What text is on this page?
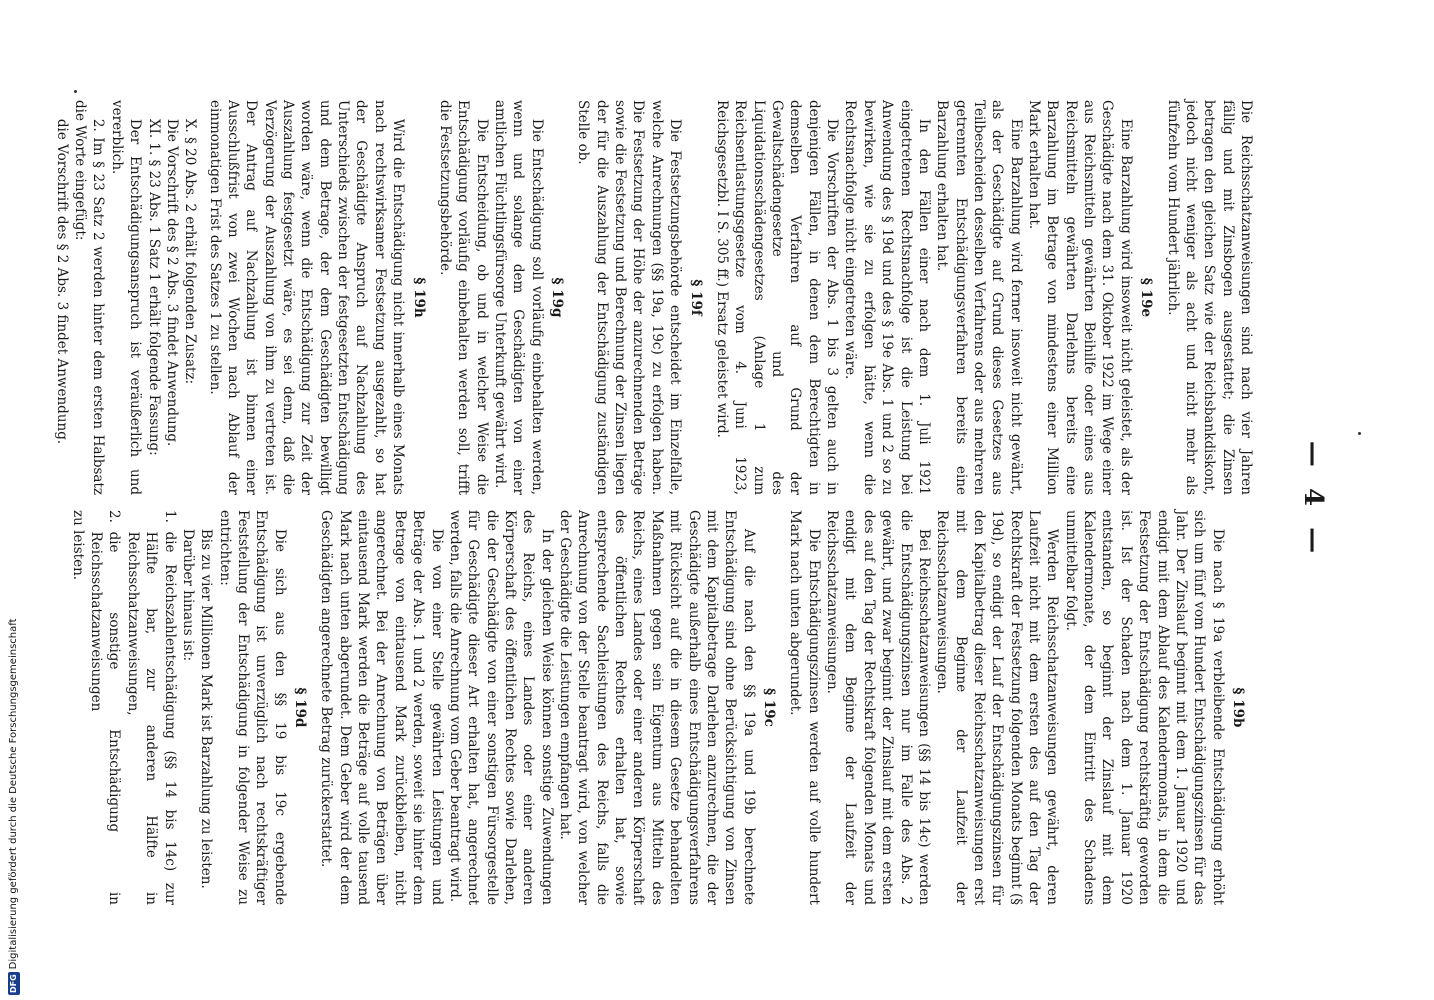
— 4 —

Die Reichsschatzanweisungen sind nach vier Jahren fällig und mit Zinsbogen ausgestattet; die Zinsen betragen den gleichen Satz wie der Reichsbankdiskont, jedoch nicht weniger als acht und nicht mehr als fünfzehn vom Hundert jährlich.

§ 19e

Eine Barzahlung wird insoweit nicht geleistet, als der Geschädigte nach dem 31. Oktober 1922 im Wege einer aus Reichsmitteln gewährten Beihilfe oder eines aus Reichsmitteln gewährten Darlehns bereits eine Barzahlung im Betrage von mindestens einer Million Mark erhalten hat.

Eine Barzahlung wird ferner insoweit nicht gewährt, als der Geschädigte auf Grund dieses Gesetzes aus Teilbescheiden desselben Verfahrens oder aus mehreren getrennten Entschädigungsverfahren bereits eine Barzahlung erhalten hat.

In den Fällen einer nach dem 1. Juli 1921 eingetretenen Rechtsnachfolge ist die Leistung bei Anwendung des § 19d und des § 19e Abs. 1 und 2 so zu bewirken, wie sie zu erfolgen hätte, wenn die Rechtsnachfolge nicht eingetreten wäre.

Die Vorschriften der Abs. 1 bis 3 gelten auch in denjenigen Fällen, in denen dem Berechtigten in demselben Verfahren auf Grund der Gewaltschädengesetze und des Liquidationsschädengesetzes (Anlage 1 zum Reichsentlastungsgesetze vom 4. Juni 1923, Reichsgesetzbl. I S. 305 ff.) Ersatz geleistet wird.

§ 19f

Die Festsetzungsbehörde entscheidet im Einzelfalle, welche Anrechnungen (§§ 19a, 19c) zu erfolgen haben. Die Festsetzung der Höhe der anzurechnenden Beträge sowie die Festsetzung und Berechnung der Zinsen liegen der für die Auszahlung der Entschädigung zuständigen Stelle ob.

§ 19g

Die Entschädigung soll vorläufig einbehalten werden, wenn und solange dem Geschädigten von einer amtlichen Flüchtlingsfürsorge Unterkunft gewährt wird.

Die Entscheidung, ob und in welcher Weise die Entschädigung vorläufig einbehalten werden soll, trifft die Festsetzungsbehörde.

§ 19h

Wird die Entschädigung nicht innerhalb eines Monats nach rechtswirksamer Festsetzung ausgezahlt, so hat der Geschädigte Anspruch auf Nachzahlung des Unterschieds zwischen der festgesetzten Entschädigung und dem Betrage, der dem Geschädigten bewilligt worden wäre, wenn die Entschädigung zur Zeit der Auszahlung festgesetzt wäre, es sei denn, daß die Verzögerung der Auszahlung von ihm zu vertreten ist. Der Antrag auf Nachzahlung ist binnen einer Ausschlußfrist von zwei Wochen nach Ablauf der einmonatigen Frist des Satzes 1 zu stellen.

X. § 20 Abs. 2 erhält folgenden Zusatz:

Die Vorschrift des § 2 Abs. 3 findet Anwendung.

XI. 1. § 23 Abs. 1 Satz 1 erhält folgende Fassung:

Der Entschädigungsanspruch ist veräußerlich und vererblich.

2. Im § 23 Satz 2 werden hinter dem ersten Halbsatz die Worte eingefügt:

die Vorschrift des § 2 Abs. 3 findet Anwendung.

§ 19b

Die nach § 19a verbleibende Entschädigung erhöht sich um fünf vom Hundert Entschädigungszinsen für das Jahr. Der Zinslauf beginnt mit dem 1. Januar 1920 und endigt mit dem Ablauf des Kalendermonats, in dem die Festsetzung der Entschädigung rechtskräftig geworden ist. Ist der Schaden nach dem 1. Januar 1920 entstanden, so beginnt der Zinslauf mit dem Kalendermonate, der dem Eintritt des Schadens unmittelbar folgt.

Werden Reichsschatzanweisungen gewährt, deren Laufzeit nicht mit dem ersten des auf den Tag der Rechtskraft der Festsetzung folgenden Monats beginnt (§ 19d), so endigt der Lauf der Entschädigungszinsen für den Kapitalbetrag dieser Reichsschatzanweisungen erst mit dem Beginne der Laufzeit der Reichsschatzanweisungen.

Bei Reichsschatzanweisungen (§§ 14 bis 14c) werden die Entschädigungszinsen nur im Falle des Abs. 2 gewährt, und zwar beginnt der Zinslauf mit dem ersten des auf den Tag der Rechtskraft folgenden Monats und endigt mit dem Beginne der Laufzeit der Reichsschatzanweisungen.

Die Entschädigungszinsen werden auf volle hundert Mark nach unten abgerundet.

§ 19c

Auf die nach den §§ 19a und 19b berechnete Entschädigung sind ohne Berücksichtigung von Zinsen mit dem Kapitalbetrage Darlehen anzurechnen, die der Geschädigte außerhalb eines Entschädigungsverfahrens mit Rücksicht auf die in diesem Gesetze behandelten Maßnahmen gegen sein Eigentum aus Mitteln des Reichs, eines Landes oder einer anderen Körperschaft des öffentlichen Rechtes erhalten hat, sowie entsprechende Sachleistungen des Reichs, falls die Anrechnung von der Stelle beantragt wird, von welcher der Geschädigte die Leistungen empfangen hat.

In der gleichen Weise können sonstige Zuwendungen des Reichs, eines Landes oder einer anderen Körperschaft des öffentlichen Rechtes sowie Darlehen, die der Geschädigte von einer sonstigen Fürsorgestelle für Geschädigte dieser Art erhalten hat, angerechnet werden, falls die Anrechnung vom Geber beantragt wird.

Die von einer Stelle gewährten Leistungen und Beträge der Abs. 1 und 2 werden, soweit sie hinter dem Betrage von eintausend Mark zurückbleiben, nicht angerechnet. Bei der Anrechnung von Beträgen über eintausend Mark werden die Beträge auf volle tausend Mark nach unten abgerundet. Dem Geber wird der dem Geschädigten angerechnete Betrag zurückerstattet.

§ 19d

Die sich aus den §§ 19 bis 19c ergebende Entschädigung ist unverzüglich nach rechtskräftiger Feststellung der Entschädigung in folgender Weise zu entrichten:

Bis zu vier Millionen Mark ist Barzahlung zu leisten.

Darüber hinaus ist:

1.
die Reichszahlentschädigung (§§ 14 bis 14c) zur Hälfte bar, zur anderen Hälfte in Reichsschatzanweisungen,
2.
die sonstige Entschädigung in Reichsschatzanweisungen

zu leisten.

DFGDigitalisierung gefördert durch die Deutsche Forschungsgemeinschaft
